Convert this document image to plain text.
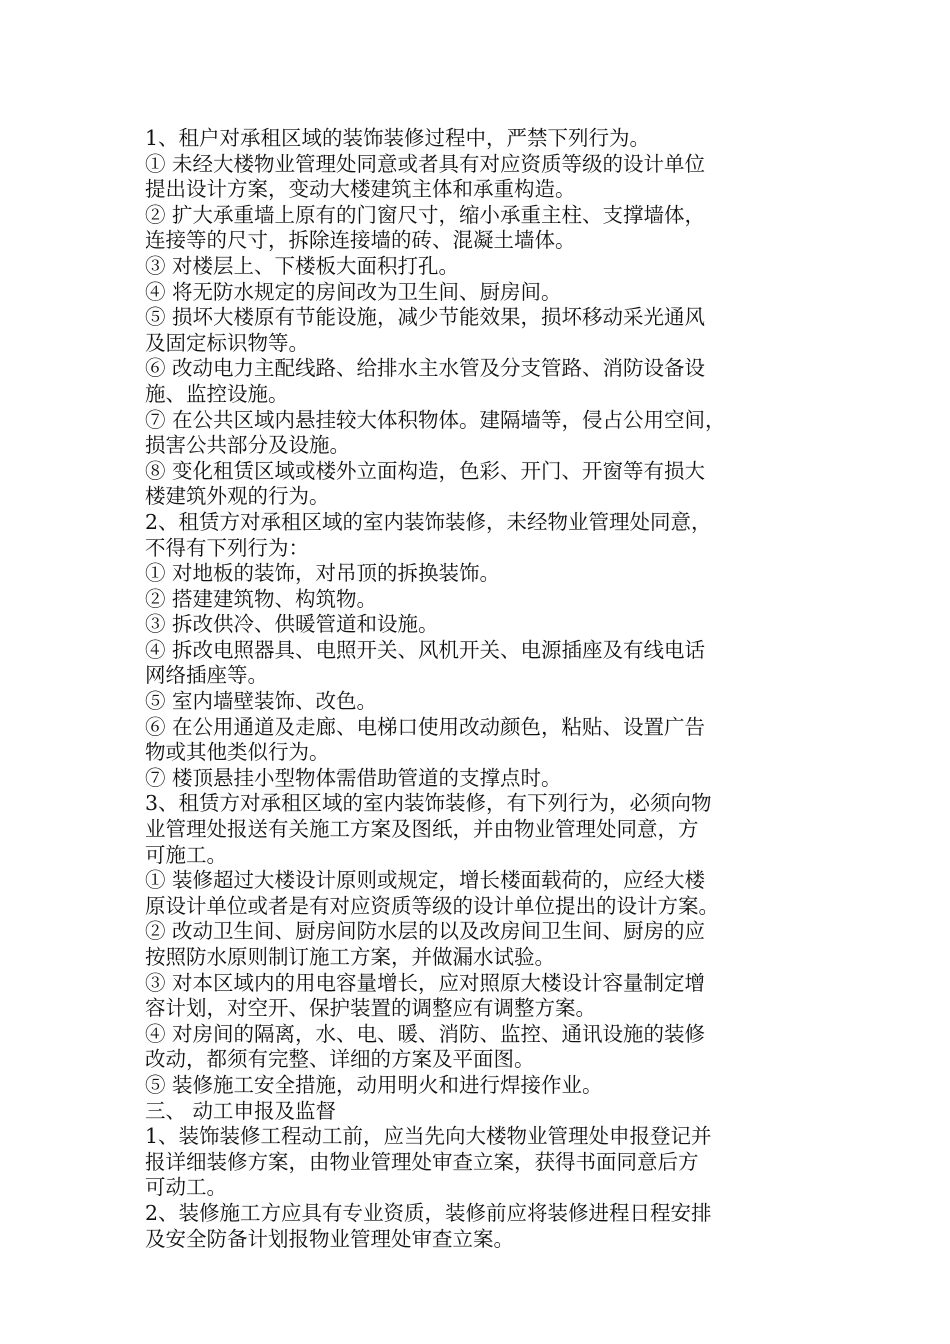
1、租户对承租区域的装饰装修过程中，严禁下列行为。
① 未经大楼物业管理处同意或者具有对应资质等级的设计单位
提出设计方案，变动大楼建筑主体和承重构造。
② 扩大承重墙上原有的门窗尺寸，缩小承重主柱、支撑墙体，
连接等的尺寸，拆除连接墙的砖、混凝土墙体。
③ 对楼层上、下楼板大面积打孔。
④ 将无防水规定的房间改为卫生间、厨房间。
⑤ 损坏大楼原有节能设施，减少节能效果，损坏移动采光通风
及固定标识物等。
⑥ 改动电力主配线路、给排水主水管及分支管路、消防设备设
施、监控设施。
⑦ 在公共区域内悬挂较大体积物体。建隔墙等，侵占公用空间，
损害公共部分及设施。
⑧ 变化租赁区域或楼外立面构造，色彩、开门、开窗等有损大
楼建筑外观的行为。
2、租赁方对承租区域的室内装饰装修，未经物业管理处同意，
不得有下列行为：
① 对地板的装饰，对吊顶的拆换装饰。
② 搭建建筑物、构筑物。
③ 拆改供冷、供暖管道和设施。
④ 拆改电照器具、电照开关、风机开关、电源插座及有线电话
网络插座等。
⑤ 室内墙壁装饰、改色。
⑥ 在公用通道及走廊、电梯口使用改动颜色，粘贴、设置广告
物或其他类似行为。
⑦ 楼顶悬挂小型物体需借助管道的支撑点时。
3、租赁方对承租区域的室内装饰装修，有下列行为，必须向物
业管理处报送有关施工方案及图纸，并由物业管理处同意，方
可施工。
① 装修超过大楼设计原则或规定，增长楼面载荷的，应经大楼
原设计单位或者是有对应资质等级的设计单位提出的设计方案。
② 改动卫生间、厨房间防水层的以及改房间卫生间、厨房的应
按照防水原则制订施工方案，并做漏水试验。
③ 对本区域内的用电容量增长，应对照原大楼设计容量制定增
容计划，对空开、保护装置的调整应有调整方案。
④ 对房间的隔离，水、电、暖、消防、监控、通讯设施的装修
改动，都须有完整、详细的方案及平面图。
⑤ 装修施工安全措施，动用明火和进行焊接作业。
三、 动工申报及监督
1、装饰装修工程动工前，应当先向大楼物业管理处申报登记并
报详细装修方案，由物业管理处审查立案，获得书面同意后方
可动工。
2、装修施工方应具有专业资质，装修前应将装修进程日程安排
及安全防备计划报物业管理处审查立案。
